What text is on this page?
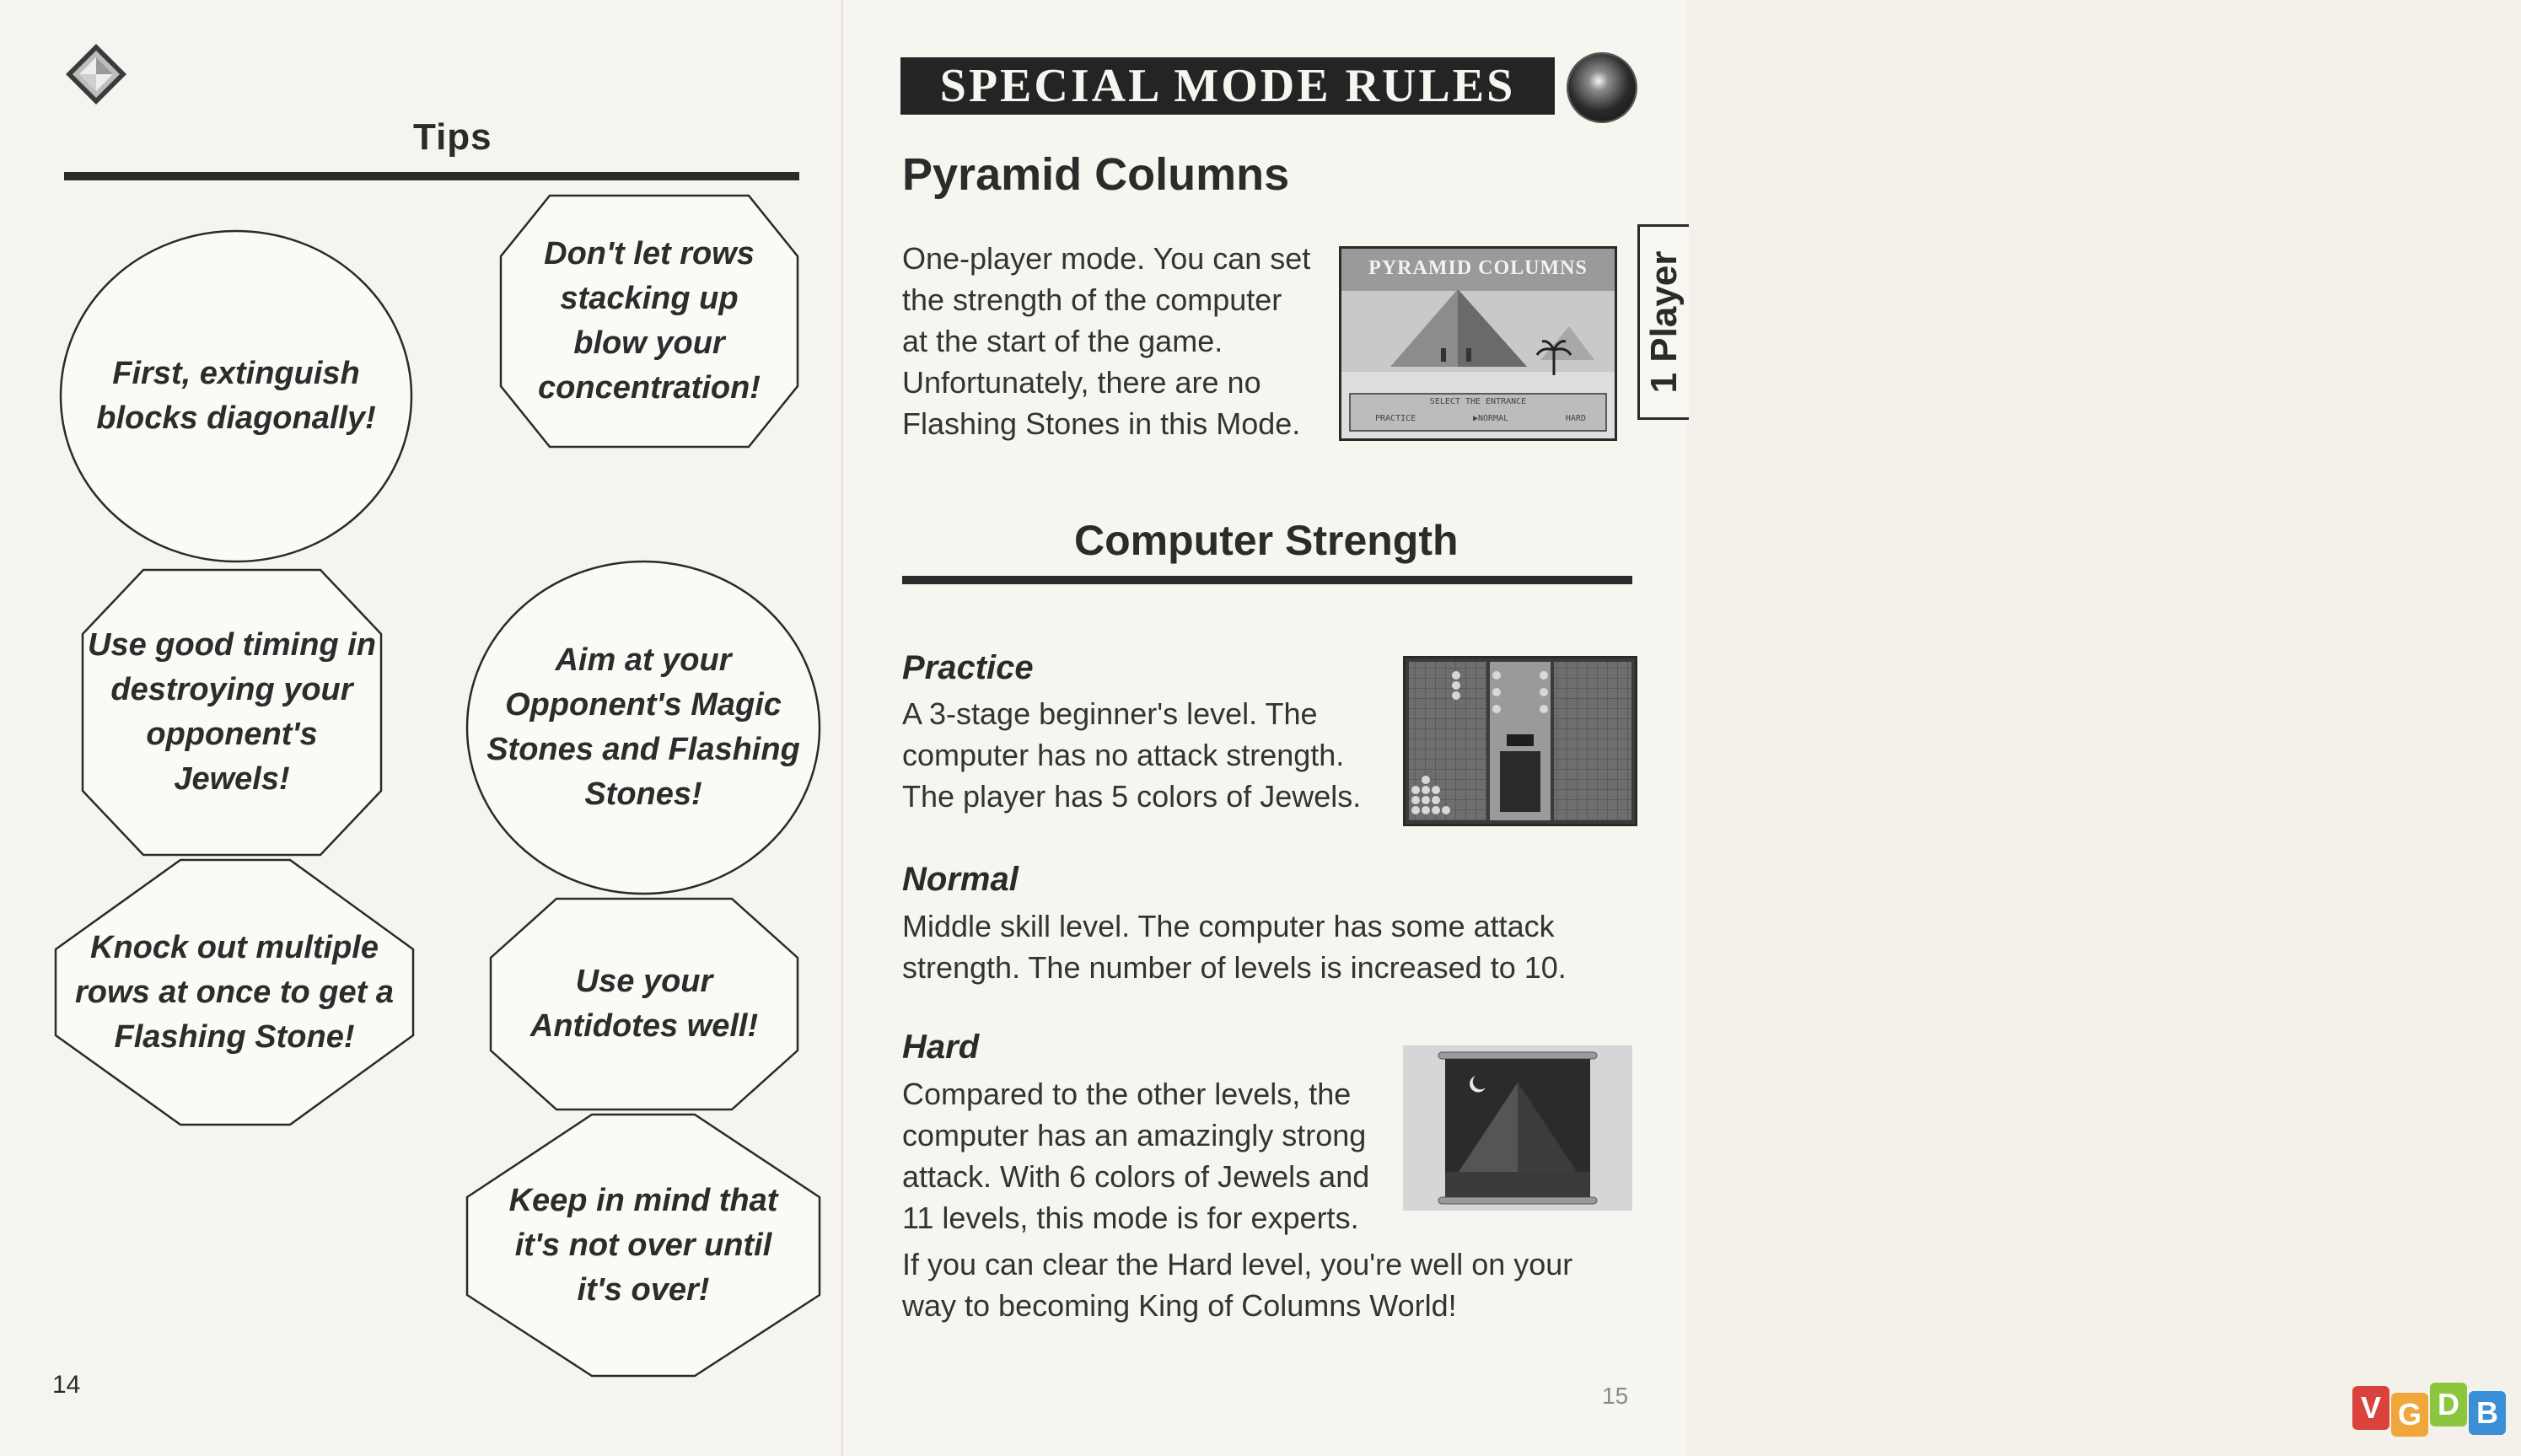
Tips
First, extinguish
blocks diagonally!
Don't let rows
stacking up
blow your
concentration!
Use good timing in
destroying your
opponent's
Jewels!
Aim at your
Opponent's Magic
Stones and Flashing
Stones!
Knock out multiple
rows at once to get a
Flashing Stone!
Use your
Antidotes well!
Keep in mind that
it's not over until
it's over!
14
SPECIAL MODE RULES
Pyramid Columns
1 Player
One-player mode. You can set
the strength of the computer
at the start of the game.
Unfortunately, there are no
Flashing Stones in this Mode.
PYRAMID COLUMNS
SELECT THE ENTRANCE
PRACTICE	▶NORMAL	HARD
Computer Strength
Practice
A 3-stage beginner's level. The
computer has no attack strength.
The player has 5 colors of Jewels.
Normal
Middle skill level. The computer has some attack
strength. The number of levels is increased to 10.
Hard
Compared to the other levels, the
computer has an amazingly strong
attack. With 6 colors of Jewels and
11 levels, this mode is for experts.
If you can clear the Hard level, you're well on your
way to becoming King of Columns World!
15	V G D B
